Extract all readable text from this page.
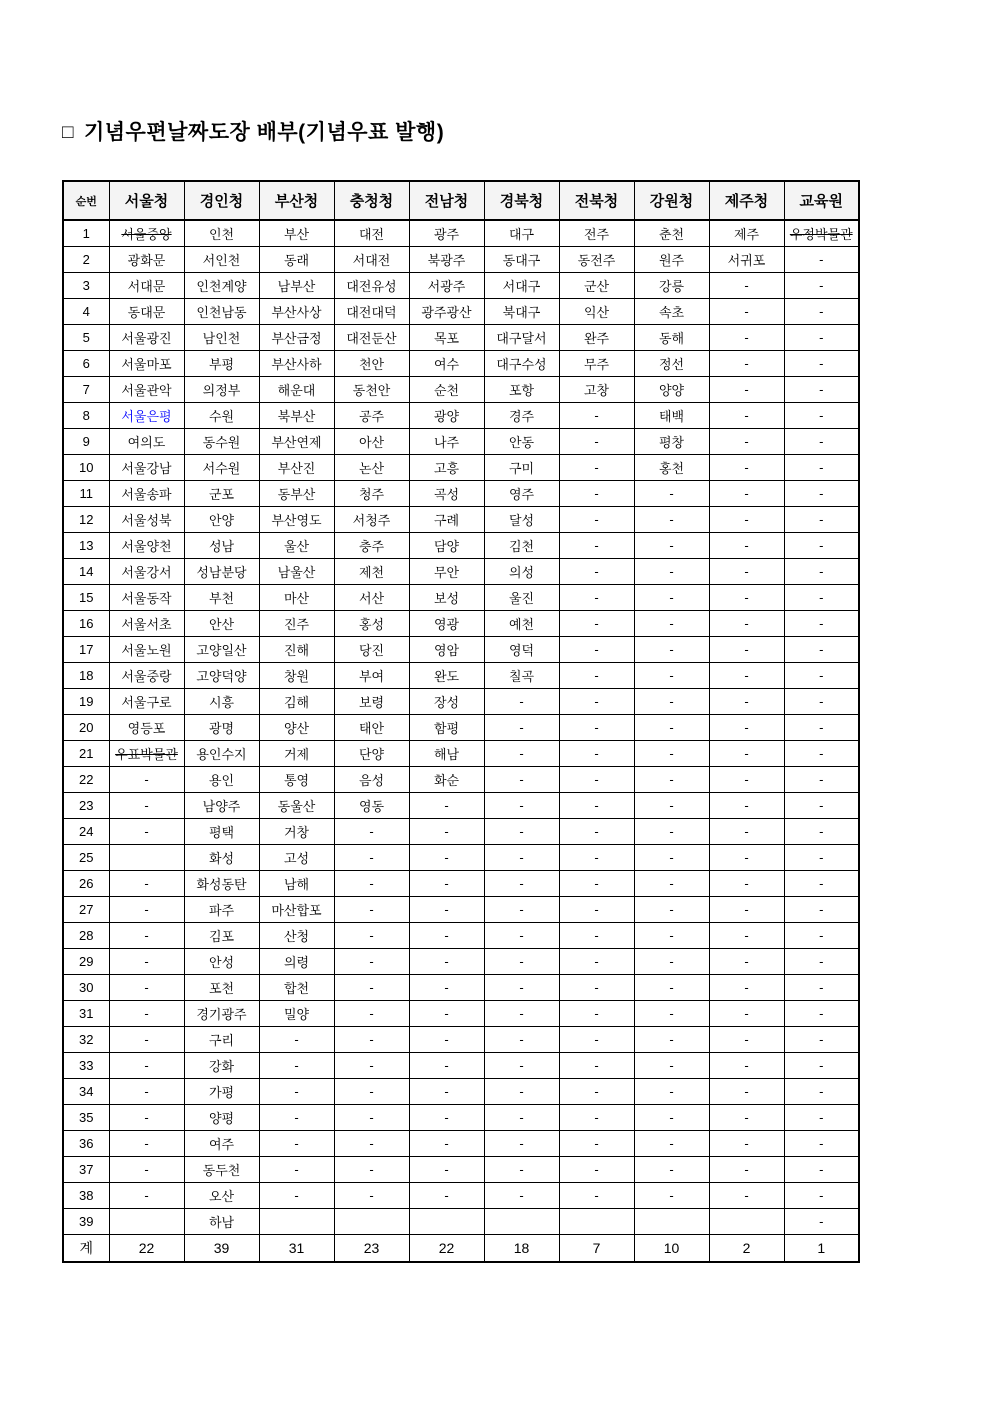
□ 기념우편날짜도장 배부(기념우표 발행)
순번	서울청	경인청	부산청	충청청	전남청	경북청	전북청	강원청	제주청	교육원
1	서울중앙	인천	부산	대전	광주	대구	전주	춘천	제주	우정박물관
2	광화문	서인천	동래	서대전	북광주	동대구	동전주	원주	서귀포	-
3	서대문	인천계양	남부산	대전유성	서광주	서대구	군산	강릉	-	-
4	동대문	인천남동	부산사상	대전대덕	광주광산	북대구	익산	속초	-	-
5	서울광진	남인천	부산금정	대전둔산	목포	대구달서	완주	동해	-	-
6	서울마포	부평	부산사하	천안	여수	대구수성	무주	정선	-	-
7	서울관악	의정부	해운대	동천안	순천	포항	고창	양양	-	-
8	서울은평	수원	북부산	공주	광양	경주	-	태백	-	-
9	여의도	동수원	부산연제	아산	나주	안동	-	평창	-	-
10	서울강남	서수원	부산진	논산	고흥	구미	-	홍천	-	-
11	서울송파	군포	동부산	청주	곡성	영주	-	-	-	-
12	서울성북	안양	부산영도	서청주	구례	달성	-	-	-	-
13	서울양천	성남	울산	충주	담양	김천	-	-	-	-
14	서울강서	성남분당	남울산	제천	무안	의성	-	-	-	-
15	서울동작	부천	마산	서산	보성	울진	-	-	-	-
16	서울서초	안산	진주	홍성	영광	예천	-	-	-	-
17	서울노원	고양일산	진해	당진	영암	영덕	-	-	-	-
18	서울중랑	고양덕양	창원	부여	완도	칠곡	-	-	-	-
19	서울구로	시흥	김해	보령	장성	-	-	-	-	-
20	영등포	광명	양산	태안	함평	-	-	-	-	-
21	우표박물관	용인수지	거제	단양	해남	-	-	-	-	-
22	-	용인	통영	음성	화순	-	-	-	-	-
23	-	남양주	동울산	영동	-	-	-	-	-	-
24	-	평택	거창	-	-	-	-	-	-	-
25		화성	고성	-	-	-	-	-	-	-
26	-	화성동탄	남해	-	-	-	-	-	-	-
27	-	파주	마산합포	-	-	-	-	-	-	-
28	-	김포	산청	-	-	-	-	-	-	-
29	-	안성	의령	-	-	-	-	-	-	-
30	-	포천	합천	-	-	-	-	-	-	-
31	-	경기광주	밀양	-	-	-	-	-	-	-
32	-	구리	-	-	-	-	-	-	-	-
33	-	강화	-	-	-	-	-	-	-	-
34	-	가평	-	-	-	-	-	-	-	-
35	-	양평	-	-	-	-	-	-	-	-
36	-	여주	-	-	-	-	-	-	-	-
37	-	동두천	-	-	-	-	-	-	-	-
38	-	오산	-	-	-	-	-	-	-	-
39		하남								-
계	22	39	31	23	22	18	7	10	2	1
